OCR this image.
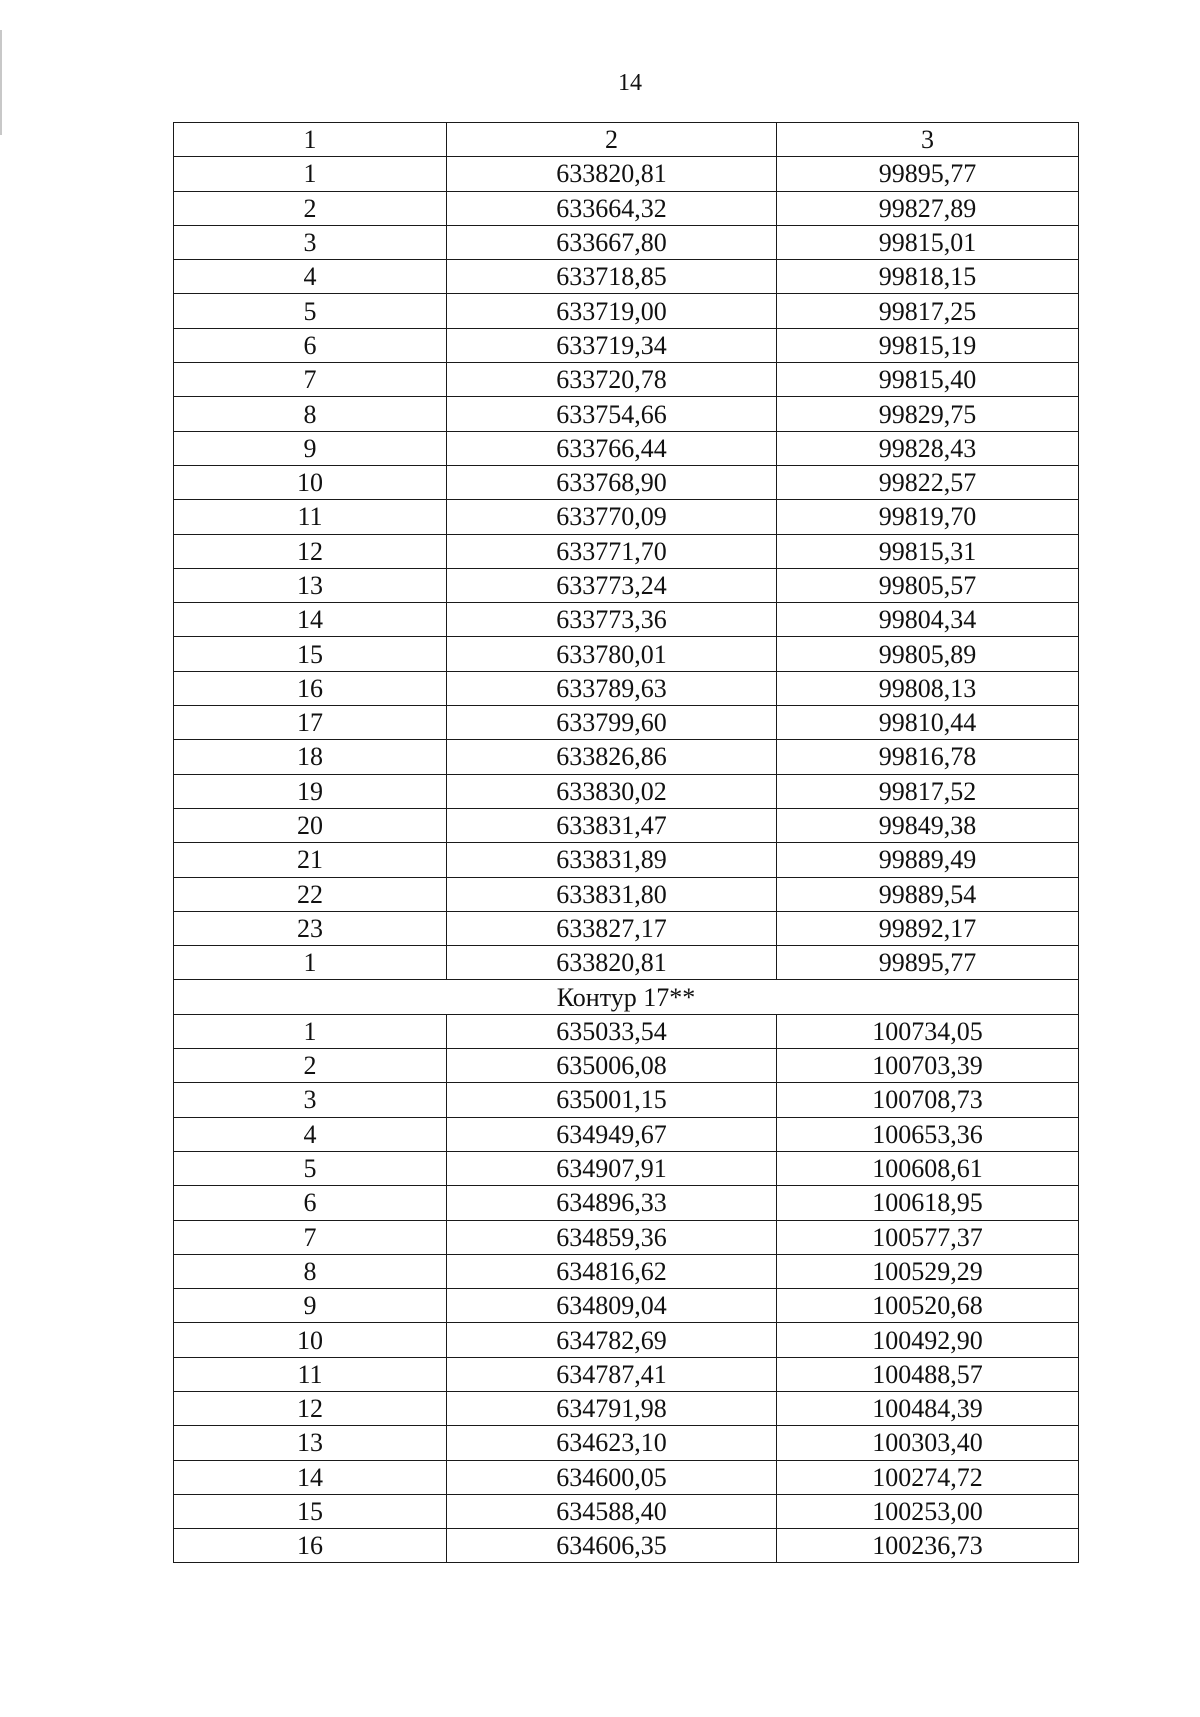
14
1	2	3
1	633820,81	99895,77
2	633664,32	99827,89
3	633667,80	99815,01
4	633718,85	99818,15
5	633719,00	99817,25
6	633719,34	99815,19
7	633720,78	99815,40
8	633754,66	99829,75
9	633766,44	99828,43
10	633768,90	99822,57
11	633770,09	99819,70
12	633771,70	99815,31
13	633773,24	99805,57
14	633773,36	99804,34
15	633780,01	99805,89
16	633789,63	99808,13
17	633799,60	99810,44
18	633826,86	99816,78
19	633830,02	99817,52
20	633831,47	99849,38
21	633831,89	99889,49
22	633831,80	99889,54
23	633827,17	99892,17
1	633820,81	99895,77
Контур 17**		
1	635033,54	100734,05
2	635006,08	100703,39
3	635001,15	100708,73
4	634949,67	100653,36
5	634907,91	100608,61
6	634896,33	100618,95
7	634859,36	100577,37
8	634816,62	100529,29
9	634809,04	100520,68
10	634782,69	100492,90
11	634787,41	100488,57
12	634791,98	100484,39
13	634623,10	100303,40
14	634600,05	100274,72
15	634588,40	100253,00
16	634606,35	100236,73
